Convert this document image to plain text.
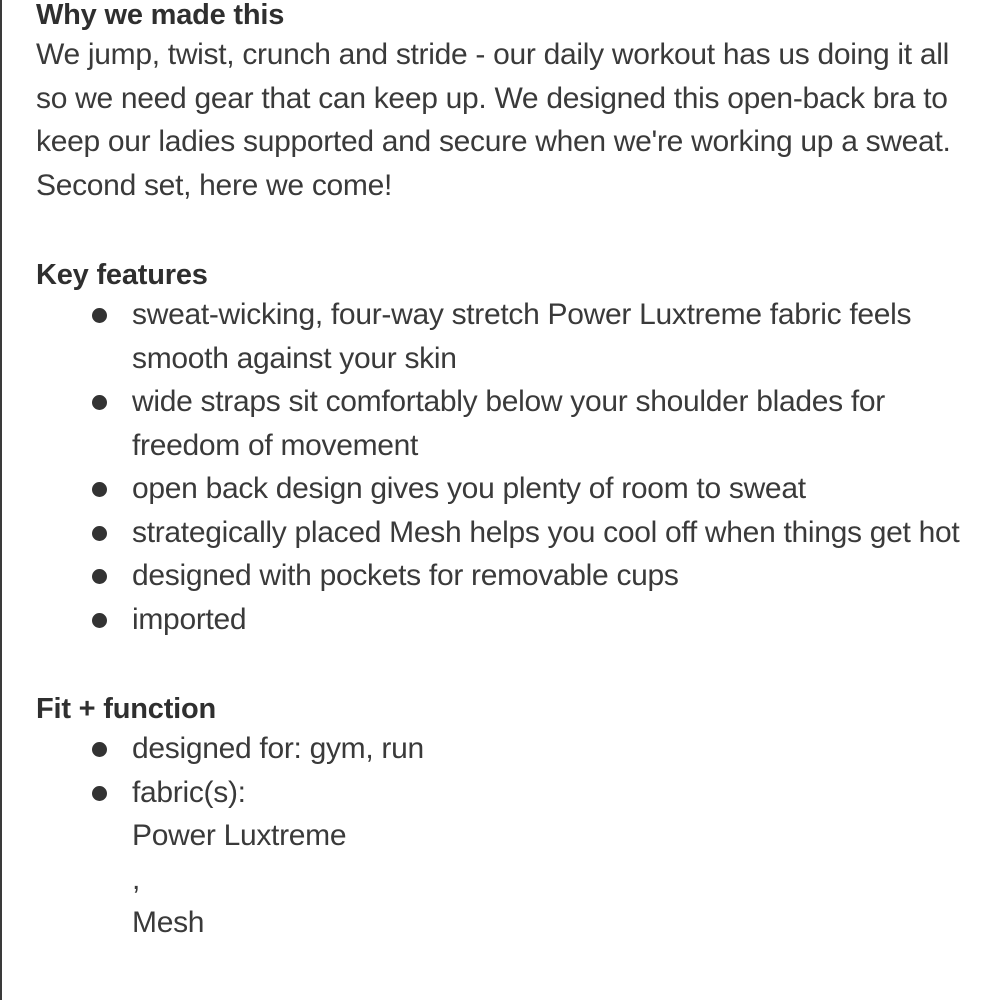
Why we made this

We jump, twist, crunch and stride - our daily workout has us doing it all so we need gear that can keep up. We designed this open-back bra to keep our ladies supported and secure when we're working up a sweat. Second set, here we come!

Key features
sweat-wicking, four-way stretch Power Luxtreme fabric feels smooth against your skin
wide straps sit comfortably below your shoulder blades for freedom of movement
open back design gives you plenty of room to sweat
strategically placed Mesh helps you cool off when things get hot
designed with pockets for removable cups
imported
Fit + function
designed for: gym, run
fabric(s):
Power Luxtreme
,
Mesh
